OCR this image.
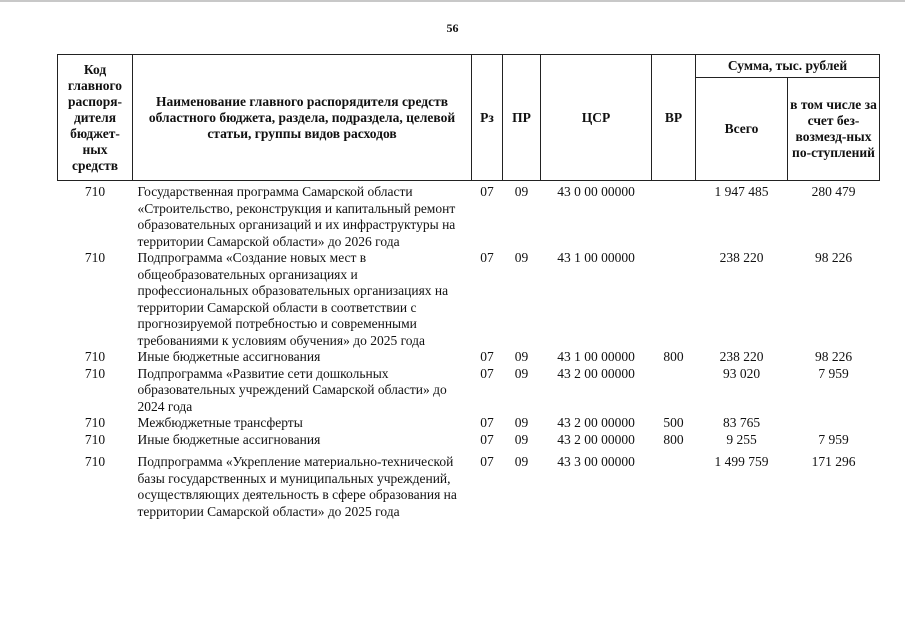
56
Код главного распоря-дителя бюджет-ных средств	Наименование главного распорядителя средств областного бюджета, раздела, подраздела, целевой статьи, группы видов расходов	Рз	ПР	ЦСР	ВР	Сумма, тыс. рублей	
						Всего	в том числе за счет без-возмезд-ных по-ступлений
710	Государственная программа Самарской области «Строительство, реконструкция и капитальный ремонт образовательных организаций и их инфраструктуры на территории Самарской области» до 2026 года	07	09	43 0 00 00000		1 947 485	280 479
710	Подпрограмма «Создание новых мест в общеобразовательных организациях и профессиональных образовательных организациях на территории Самарской области в соответствии с прогнозируемой потребностью и современными требованиями к условиям обучения» до 2025 года	07	09	43 1 00 00000		238 220	98 226
710	Иные бюджетные ассигнования	07	09	43 1 00 00000	800	238 220	98 226
710	Подпрограмма «Развитие сети дошкольных образовательных учреждений Самарской области» до 2024 года	07	09	43 2 00 00000		93 020	7 959
710	Межбюджетные трансферты	07	09	43 2 00 00000	500	83 765	
710	Иные бюджетные ассигнования	07	09	43 2 00 00000	800	9 255	7 959
710	Подпрограмма «Укрепление материально-технической базы государственных и муниципальных учреждений, осуществляющих деятельность в сфере образования на территории Самарской области» до 2025 года	07	09	43 3 00 00000		1 499 759	171 296
